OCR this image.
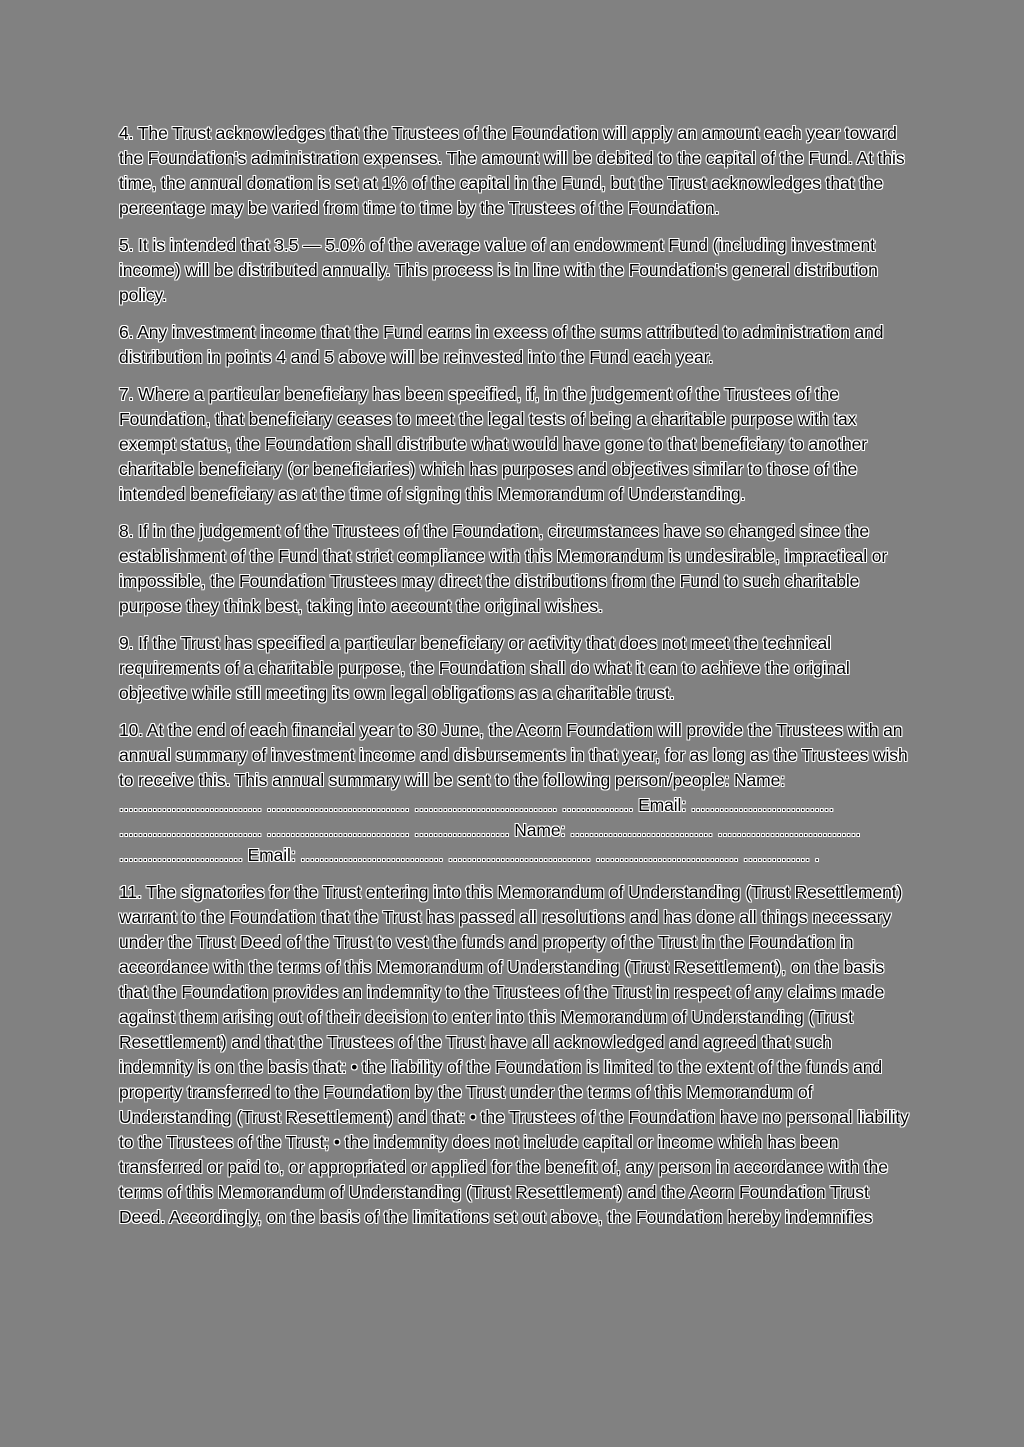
4. The Trust acknowledges that the Trustees of the Foundation will apply an amount each year toward the Foundation's administration expenses. The amount will be debited to the capital of the Fund. At this time, the annual donation is set at 1% of the capital in the Fund, but the Trust acknowledges that the percentage may be varied from time to time by the Trustees of the Foundation.

5. It is intended that 3.5 — 5.0% of the average value of an endowment Fund (including investment income) will be distributed annually. This process is in line with the Foundation's general distribution policy.

6. Any investment income that the Fund earns in excess of the sums attributed to administration and distribution in points 4 and 5 above will be reinvested into the Fund each year.

7. Where a particular beneficiary has been specified, if, in the judgement of the Trustees of the Foundation, that beneficiary ceases to meet the legal tests of being a charitable purpose with tax exempt status, the Foundation shall distribute what would have gone to that beneficiary to another charitable beneficiary (or beneficiaries) which has purposes and objectives similar to those of the intended beneficiary as at the time of signing this Memorandum of Understanding.

8. If in the judgement of the Trustees of the Foundation, circumstances have so changed since the establishment of the Fund that strict compliance with this Memorandum is undesirable, impractical or impossible, the Foundation Trustees may direct the distributions from the Fund to such charitable purpose they think best, taking into account the original wishes.

9. If the Trust has specified a particular beneficiary or activity that does not meet the technical requirements of a charitable purpose, the Foundation shall do what it can to achieve the original objective while still meeting its own legal obligations as a charitable trust.

10. At the end of each financial year to 30 June, the Acorn Foundation will provide the Trustees with an annual summary of investment income and disbursements in that year, for as long as the Trustees wish to receive this. This annual summary will be sent to the following person/people: Name: .............................. .............................. .............................. ............... Email: .............................. .............................. .............................. .................... Name: .............................. .............................. .......................... Email: .............................. .............................. .............................. .............. .

11. The signatories for the Trust entering into this Memorandum of Understanding (Trust Resettlement) warrant to the Foundation that the Trust has passed all resolutions and has done all things necessary under the Trust Deed of the Trust to vest the funds and property of the Trust in the Foundation in accordance with the terms of this Memorandum of Understanding (Trust Resettlement), on the basis that the Foundation provides an indemnity to the Trustees of the Trust in respect of any claims made against them arising out of their decision to enter into this Memorandum of Understanding (Trust Resettlement) and that the Trustees of the Trust have all acknowledged and agreed that such indemnity is on the basis that: • the liability of the Foundation is limited to the extent of the funds and property transferred to the Foundation by the Trust under the terms of this Memorandum of Understanding (Trust Resettlement) and that: • the Trustees of the Foundation have no personal liability to the Trustees of the Trust; • the indemnity does not include capital or income which has been transferred or paid to, or appropriated or applied for the benefit of, any person in accordance with the terms of this Memorandum of Understanding (Trust Resettlement) and the Acorn Foundation Trust Deed. Accordingly, on the basis of the limitations set out above, the Foundation hereby indemnifies
